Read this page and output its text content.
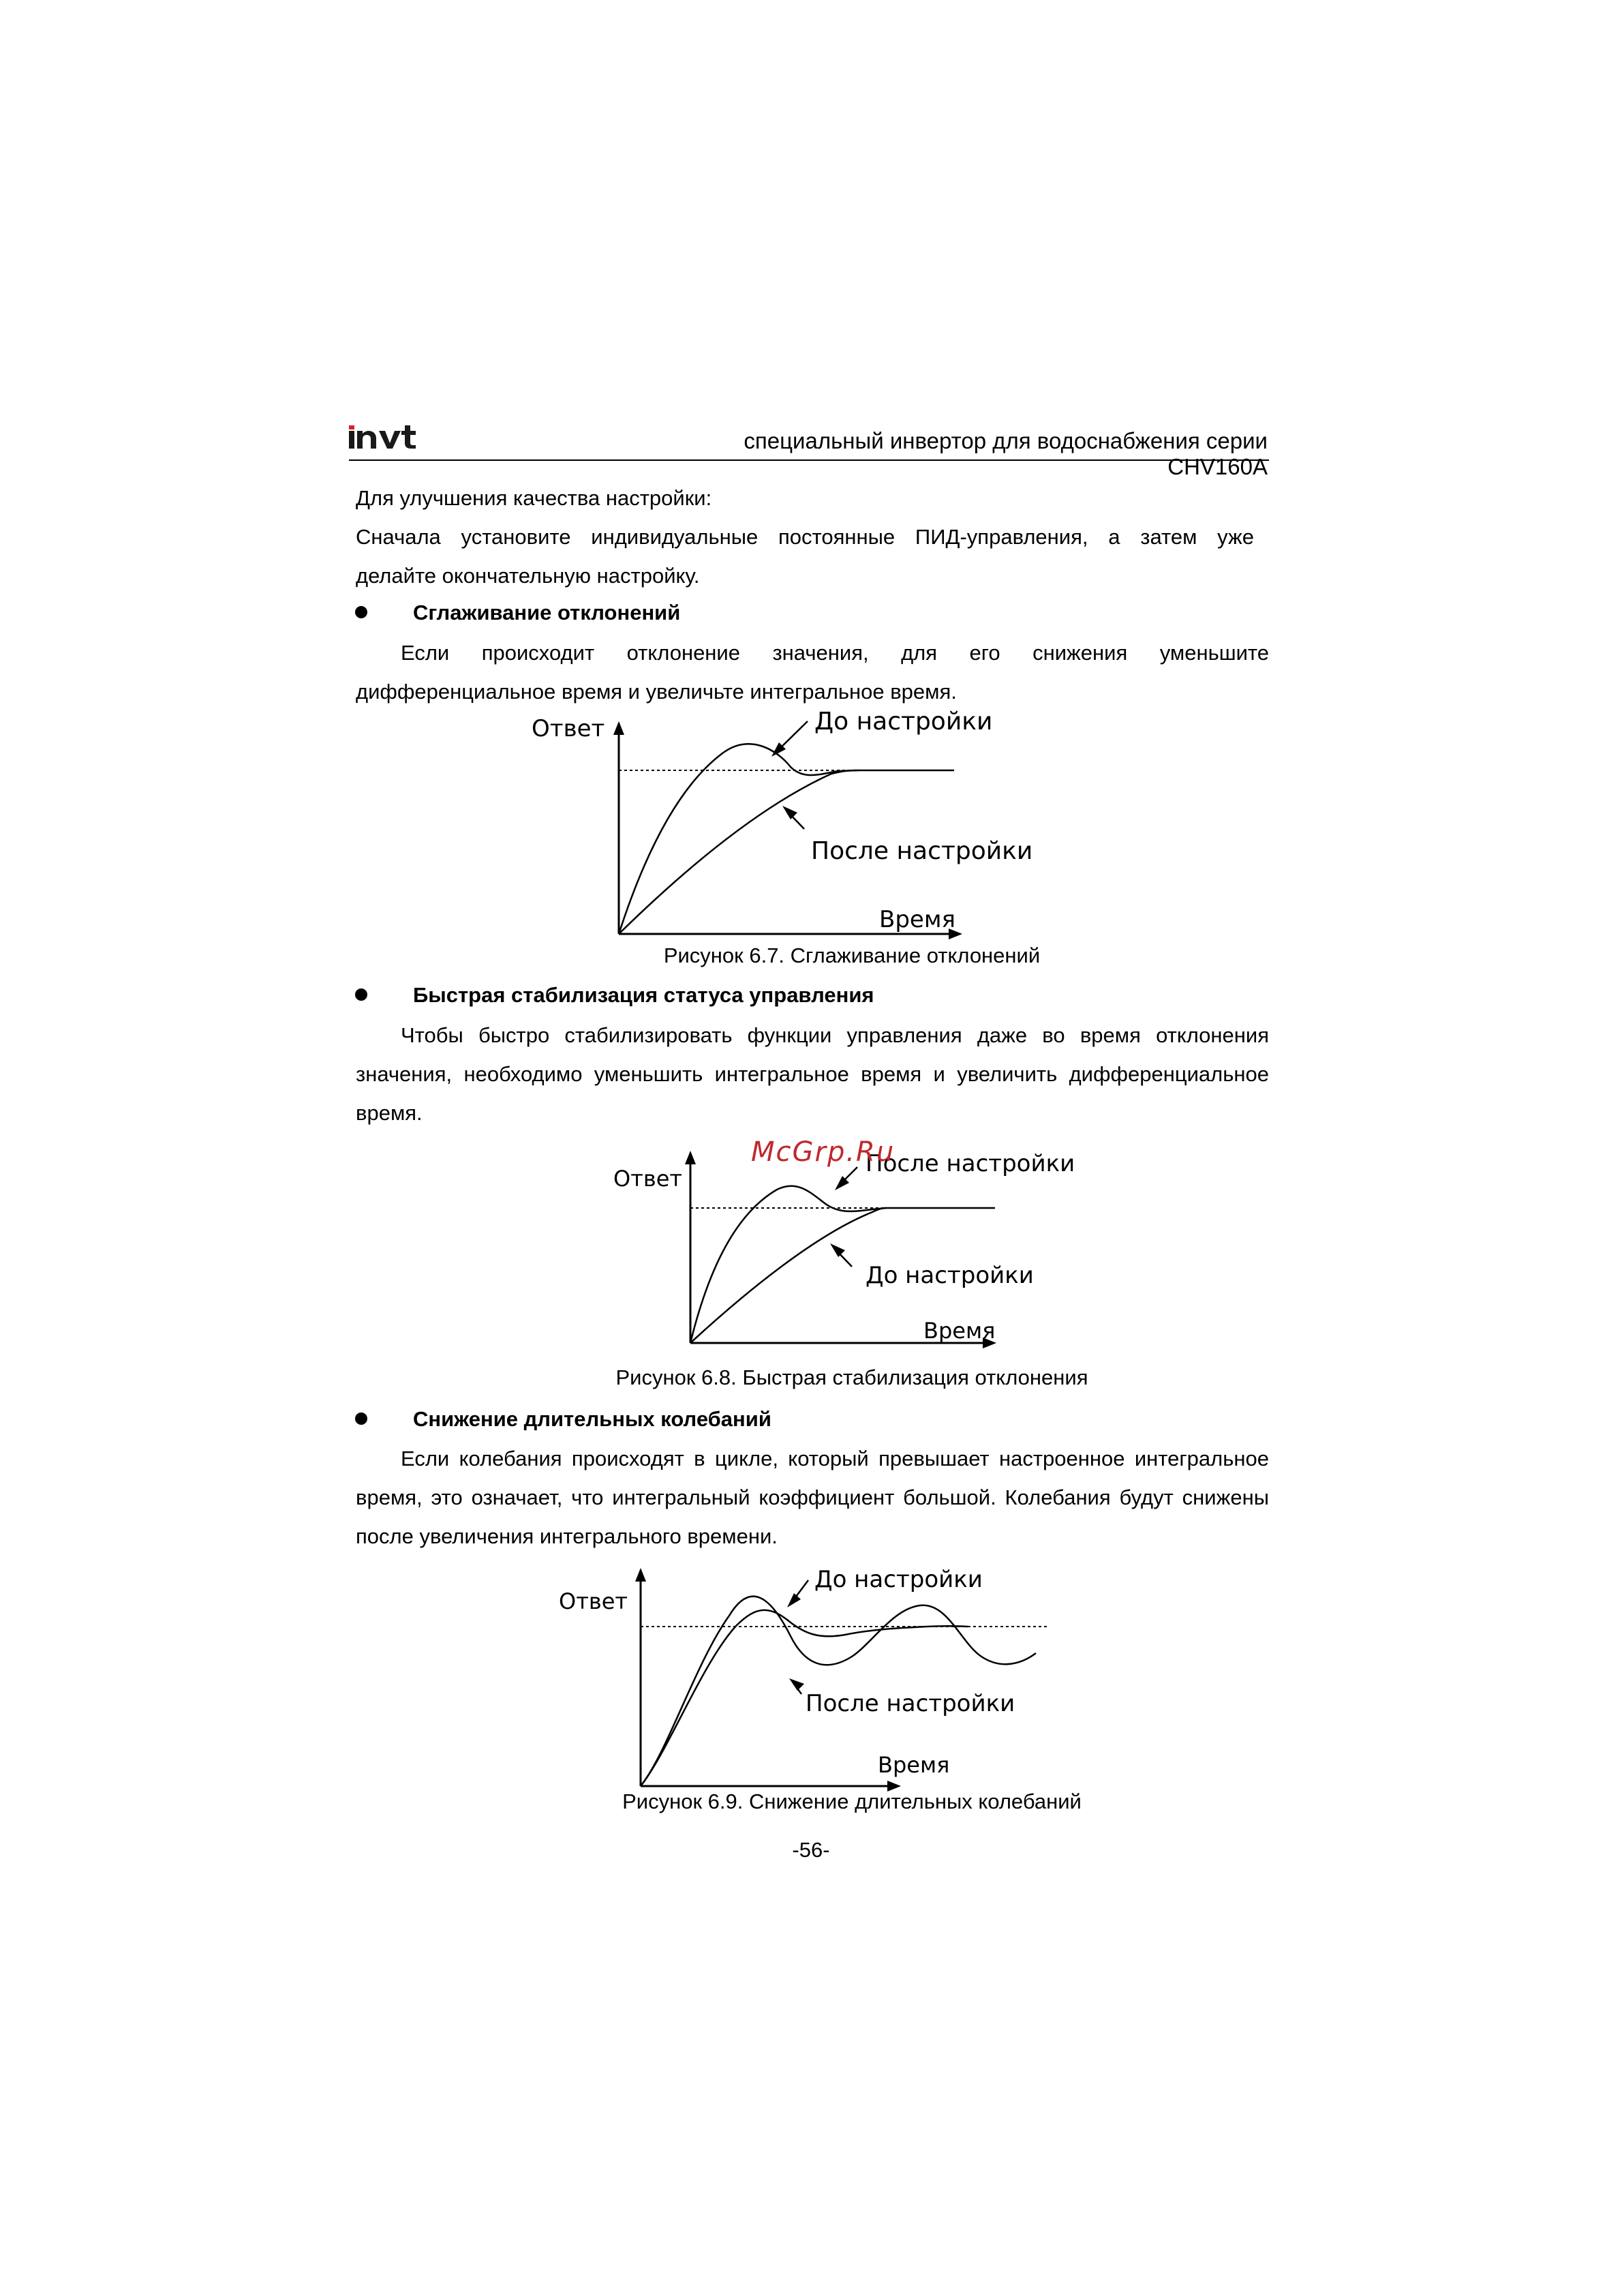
специальный инвертор для водоснабжения серии CHV160A
Для улучшения качества настройки:
Сначала установите индивидуальные постоянные ПИД-управления, а затем уже
делайте окончательную настройку.
Сглаживание отклонений
Если происходит отклонение значения, для его снижения уменьшите
дифференциальное время и увеличьте интегральное время.
Ответ	До настройки
После настройки
Время
Рисунок 6.7. Сглаживание отклонений
Быстрая стабилизация статуса управления
Чтобы быстро стабилизировать функции управления даже во время отклонения
значения, необходимо уменьшить интегральное время и увеличить дифференциальное
время.
Ответ
После настройки
До настройки
Время
McGrp.Ru
Рисунок 6.8. Быстрая стабилизация отклонения
Снижение длительных колебаний
Если колебания происходят в цикле, который превышает настроенное интегральное
время, это означает, что интегральный коэффициент большой. Колебания будут снижены
после увеличения интегрального времени.
Ответ
До настройки
После настройки
Время
Рисунок 6.9. Снижение длительных колебаний
-56-
